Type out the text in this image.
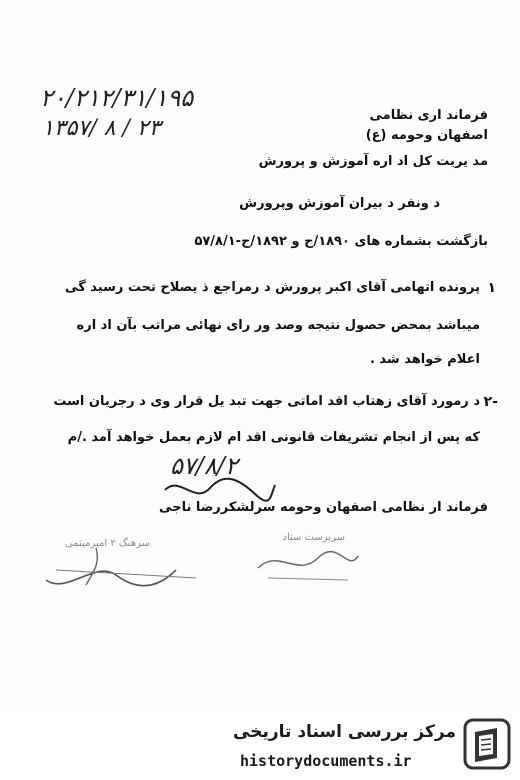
۲۰/۲۱۲/۳۱/۱۹۵
۱۳۵۷/ ۸ / ۲۳
فرماند اری نظامی
اصفهان وحومه (ع)
مد یریت کل اد اره آموزش و پرورش
د ونفر د بیران آموزش وپرورش
بازگشت بشماره های ۱۸۹۰/ح و ۱۸۹۲/ح-۵۷/۸/۱
۱
پرونده اتهامی آقای اکبر پرورش د رمراجع ذ یصلاح تحت رسید گی
میباشد بمحض حصول نتیجه وصد ور رای نهائی مراتب بآن اد اره
اعلام خواهد شد .
۲-
د رمورد آقای زهتاب اقد اماتی جهت تبد یل قرار وی د رجریان است
که پس از انجام تشریفات قانونی اقد ام لازم بعمل خواهد آمد ./م
۵۷/۸/۲
فرماند ار نظامی اصفهان وحومه سرلشکررضا ناجی
سرهنگ ۲ امیرمیثمی
سرپرست ستاد
مرکز بررسی اسناد تاریخی
historydocuments.ir
